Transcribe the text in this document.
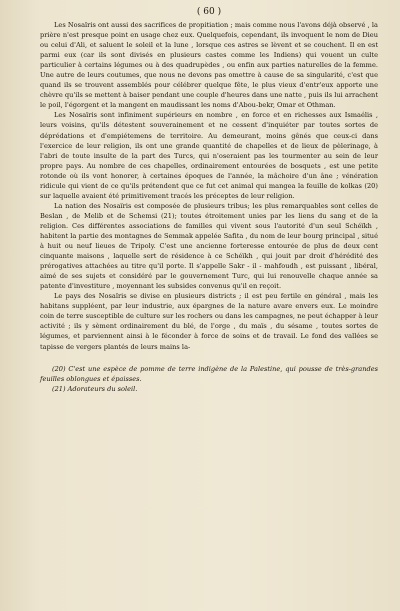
( 60 )

Les Nosaïris ont aussi des sacrifices de propitiation ; mais comme nous l'avons déjà observé , la prière n'est presque point en usage chez eux. Quelquefois, cependant, ils invoquent le nom de Dieu ou celui d'Ali, et saluent le soleil et la lune , lorsque ces astres se lèvent et se couchent. Il en est parmi eux (car ils sont divisés en plusieurs castes comme les Indiens) qui vouent un culte particulier à certains légumes ou à des quadrupèdes , ou enfin aux parties naturelles de la femme. Une autre de leurs coutumes, que nous ne devons pas omettre à cause de sa singularité, c'est que quand ils se trouvent assemblés pour célébrer quelque fête, le plus vieux d'entr'eux apporte une chèvre qu'ils se mettent à baiser pendant une couple d'heures dans une natte , puis ils lui arrachent le poil, l'égorgent et la mangent en maudissant les noms d'Abou-bekr, Omar et Othman.

Les Nosaïris sont infiniment supérieurs en nombre , en force et en richesses aux Ismaélis , leurs voisins, qu'ils détestent souverainement et ne cessent d'inquiéter par toutes sortes de déprédations et d'empiétemens de territoire. Au demeurant, moins gênés que ceux-ci dans l'exercice de leur religion, ils ont une grande quantité de chapelles et de lieux de pèlerinage, à l'abri de toute insulte de la part des Turcs, qui n'oseraient pas les tourmenter au sein de leur propre pays. Au nombre de ces chapelles, ordinairement entourées de bosquets , est une petite rotonde où ils vont honorer, à certaines époques de l'année, la mâchoire d'un âne ; vénération ridicule qui vient de ce qu'ils prétendent que ce fut cet animal qui mangea la feuille de kolkas (20) sur laquelle avaient été primitivement tracés les préceptes de leur religion.

La nation des Nosaïris est composée de plusieurs tribus; les plus remarquables sont celles de Beslan , de Melib et de Schemsi (21); toutes étroitement unies par les liens du sang et de la religion. Ces différentes associations de familles qui vivent sous l'autorité d'un seul Schéïkh , habitent la partie des montagnes de Semmak appelée Safita , du nom de leur bourg principal , situé à huit ou neuf lieues de Tripoly. C'est une ancienne forteresse entourée de plus de deux cent cinquante maisons , laquelle sert de résidence à ce Schéïkh , qui jouit par droit d'hérédité des prérogatives attachées au titre qu'il porte. Il s'appelle Sakr - il - mahfoudh , est puissant , libéral, aimé de ses sujets et considéré par le gouvernement Turc, qui lui renouvelle chaque année sa patente d'investiture , moyennant les subsides convenus qu'il en reçoit.

Le pays des Nosaïris se divise en plusieurs districts ; il est peu fertile en général , mais les habitans suppléent, par leur industrie, aux épargnes de la nature avare envers eux. Le moindre coin de terre susceptible de culture sur les rochers ou dans les campagnes, ne peut échapper à leur activité ; ils y sèment ordinairement du blé, de l'orge , du maïs , du sésame , toutes sortes de légumes, et parviennent ainsi à le féconder à force de soins et de travail. Le fond des vallées se tapisse de vergers plantés de leurs mains la-

(20) C'est une espèce de pomme de terre indigène de la Palestine, qui pousse de très-grandes feuilles oblongues et épaisses.

(21) Adorateurs du soleil.
